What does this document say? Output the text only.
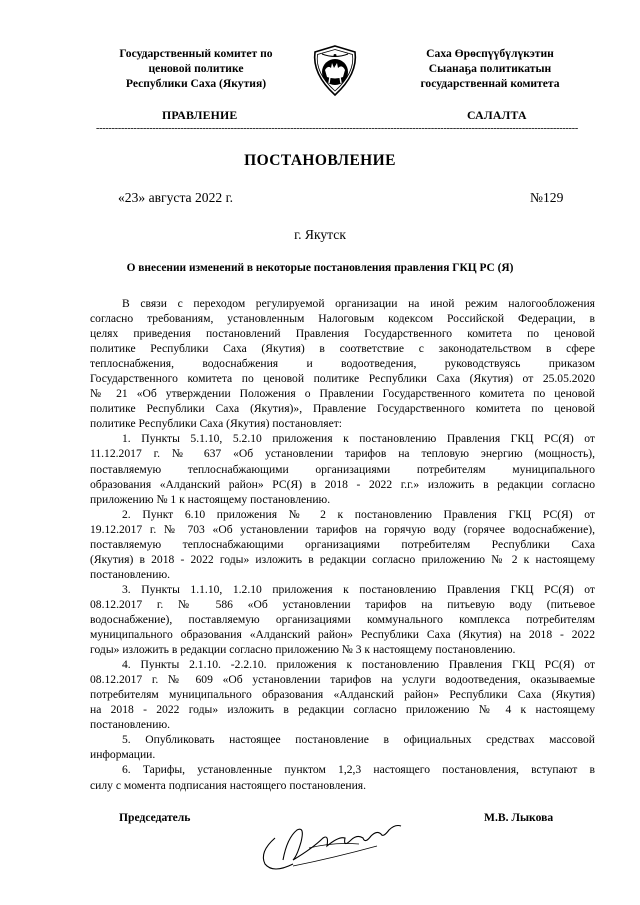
Государственный комитет по
ценовой политике
Республики Саха (Якутия)
Саха Өрөспүүбүлүкэтин
Сыанаҕа политикатын
государственнай комитета
ПРАВЛЕНИЕ	САЛАЛТА
----------------------------------------------------------------------------------------------------------------------------------------------------------
ПОСТАНОВЛЕНИЕ
«23» августа 2022 г.	№129
г. Якутск
О внесении изменений в некоторые постановления правления ГКЦ РС (Я)
В связи с переходом регулируемой организации на иной режим налогообложения
согласно требованиям, установленным Налоговым кодексом Российской Федерации, в
целях приведения постановлений Правления Государственного комитета по ценовой
политике Республики Саха (Якутия) в соответствие с законодательством в сфере
теплоснабжения, водоснабжения и водоотведения, руководствуясь приказом
Государственного комитета по ценовой политике Республики Саха (Якутия) от 25.05.2020
№ 21 «Об утверждении Положения о Правлении Государственного комитета по ценовой
политике Республики Саха (Якутия)», Правление Государственного комитета по ценовой
политике Республики Саха (Якутия) постановляет:
1. Пункты 5.1.10, 5.2.10 приложения к постановлению Правления ГКЦ РС(Я) от
11.12.2017 г. № 637 «Об установлении тарифов на тепловую энергию (мощность),
поставляемую теплоснабжающими организациями потребителям муниципального
образования «Алданский район» РС(Я) в 2018 - 2022 г.г.» изложить в редакции согласно
приложению № 1 к настоящему постановлению.
2. Пункт 6.10 приложения № 2 к постановлению Правления ГКЦ РС(Я) от
19.12.2017 г. № 703 «Об установлении тарифов на горячую воду (горячее водоснабжение),
поставляемую теплоснабжающими организациями потребителям Республики Саха
(Якутия) в 2018 - 2022 годы» изложить в редакции согласно приложению № 2 к настоящему
постановлению.
3. Пункты 1.1.10, 1.2.10 приложения к постановлению Правления ГКЦ РС(Я) от
08.12.2017 г. № 586 «Об установлении тарифов на питьевую воду (питьевое
водоснабжение), поставляемую организациями коммунального комплекса потребителям
муниципального образования «Алданский район» Республики Саха (Якутия) на 2018 - 2022
годы» изложить в редакции согласно приложению № 3 к настоящему постановлению.
4. Пункты 2.1.10. -2.2.10. приложения к постановлению Правления ГКЦ РС(Я) от
08.12.2017 г. № 609 «Об установлении тарифов на услуги водоотведения, оказываемые
потребителям муниципального образования «Алданский район» Республики Саха (Якутия)
на 2018 - 2022 годы» изложить в редакции согласно приложению № 4 к настоящему
постановлению.
5. Опубликовать настоящее постановление в официальных средствах массовой
информации.
6. Тарифы, установленные пунктом 1,2,3 настоящего постановления, вступают в
силу с момента подписания настоящего постановления.
Председатель	М.В. Лыкова
